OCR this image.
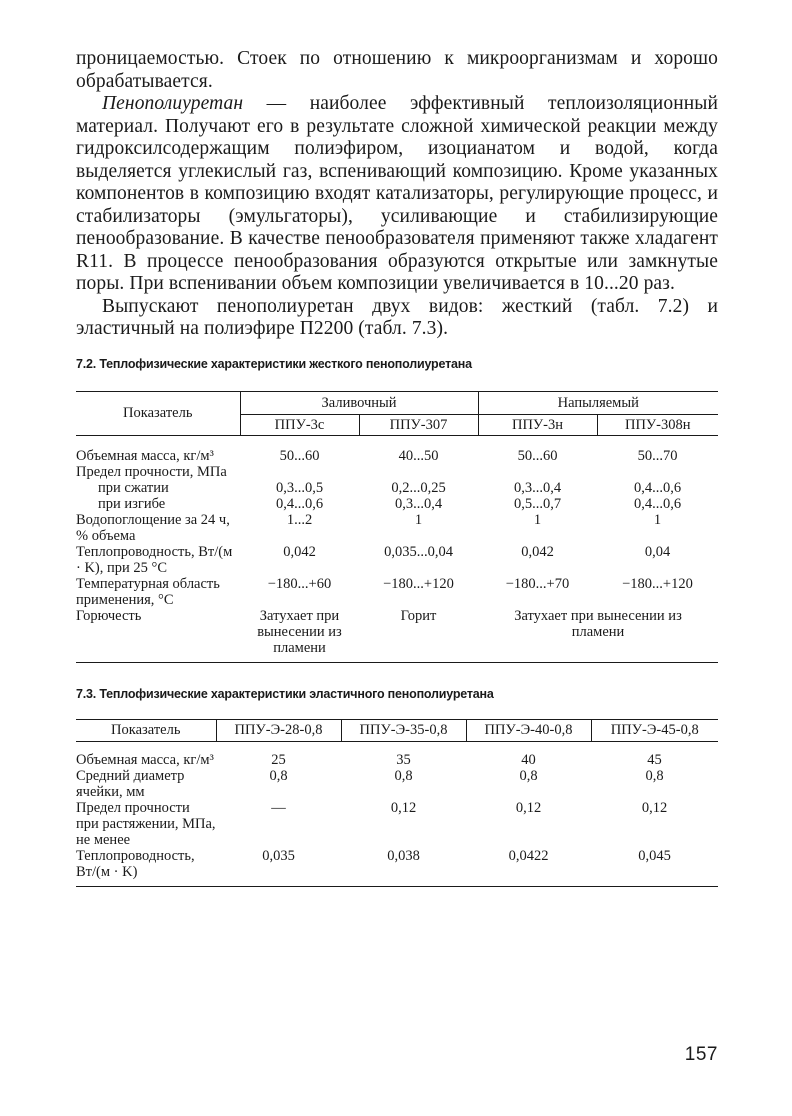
проницаемостью. Стоек по отношению к микроорганизмам и хорошо обрабатывается.

Пенополиуретан — наиболее эффективный теплоизоляционный материал. Получают его в результате сложной химической реакции между гидроксилсодержащим полиэфиром, изоцианатом и водой, когда выделяется углекислый газ, вспенивающий композицию. Кроме указанных компонентов в композицию входят катализаторы, регулирующие процесс, и стабилизаторы (эмульгаторы), усиливающие и стабилизирующие пенообразование. В качестве пенообразователя применяют также хладагент R11. В процессе пенообразования образуются открытые или замкнутые поры. При вспенивании объем композиции увеличивается в 10...20 раз.

Выпускают пенополиуретан двух видов: жесткий (табл. 7.2) и эластичный на полиэфире П2200 (табл. 7.3).

7.2. Теплофизические характеристики жесткого пенополиуретана

Показатель	Заливочный		Напыляемый	
	ППУ-3с	ППУ-307	ППУ-3н	ППУ-308н
Объемная масса, кг/м³	50...60	40...50	50...60	50...70
Предел прочности, МПа				
при сжатии	0,3...0,5	0,2...0,25	0,3...0,4	0,4...0,6
при изгибе	0,4...0,6	0,3...0,4	0,5...0,7	0,4...0,6
Водопоглощение за 24 ч, % объема	1...2	1	1	1
Теплопроводность, Вт/(м · K), при 25 °С	0,042	0,035...0,04	0,042	0,04
Температурная область применения, °С	−180...+60	−180...+120	−180...+70	−180...+120
Горючесть	Затухает при вынесении из пламени	Горит	Затухает при вынесении из пламени	

7.3. Теплофизические характеристики эластичного пенополиуретана

Показатель	ППУ-Э-28-0,8	ППУ-Э-35-0,8	ППУ-Э-40-0,8	ППУ-Э-45-0,8
Объемная масса, кг/м³	25	35	40	45
Средний диаметр ячейки, мм	0,8	0,8	0,8	0,8
Предел прочности при растяжении, МПа, не менее	—	0,12	0,12	0,12
Теплопроводность, Вт/(м · K)	0,035	0,038	0,0422	0,045
157
